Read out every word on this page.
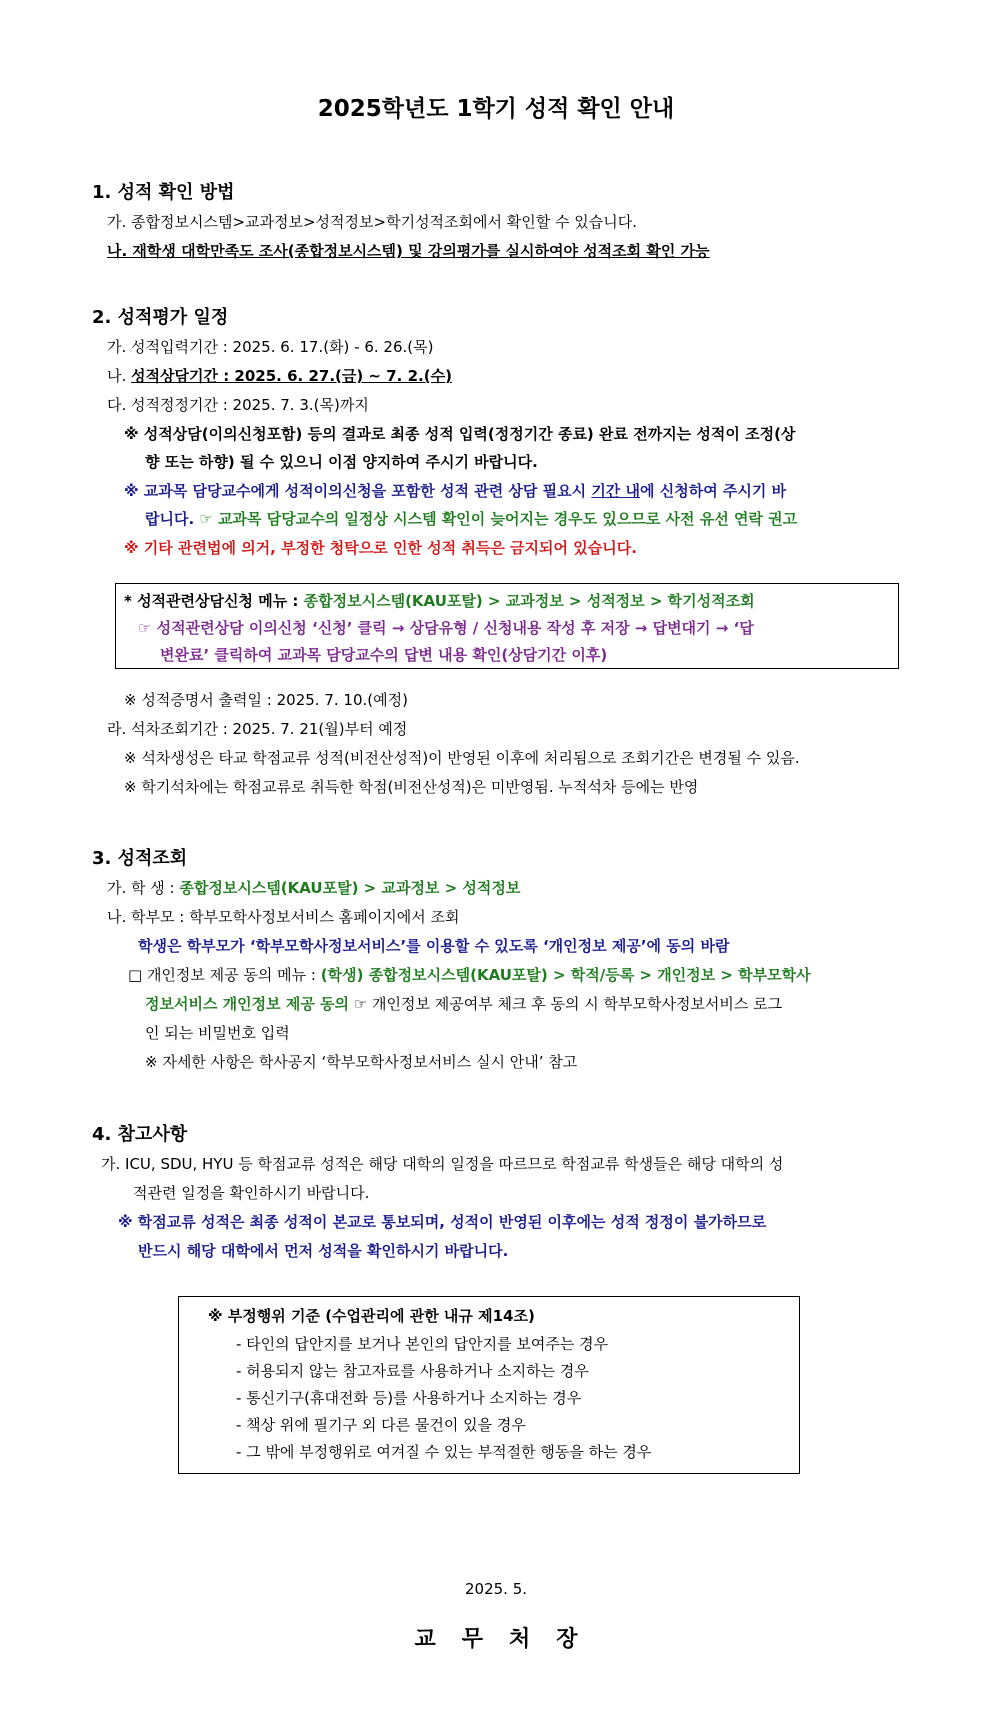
2025학년도 1학기 성적 확인 안내
1. 성적 확인 방법
가. 종합정보시스템>교과정보>성적정보>학기성적조회에서 확인할 수 있습니다.
나. 재학생 대학만족도 조사(종합정보시스템) 및 강의평가를 실시하여야 성적조회 확인 가능
2. 성적평가 일정
가. 성적입력기간 : 2025. 6. 17.(화) - 6. 26.(목)
나. 성적상담기간 : 2025. 6. 27.(금) ~ 7. 2.(수)
다. 성적정정기간 : 2025. 7. 3.(목)까지
※ 성적상담(이의신청포함) 등의 결과로 최종 성적 입력(정정기간 종료) 완료 전까지는 성적이 조정(상
향 또는 하향) 될 수 있으니 이점 양지하여 주시기 바랍니다.
※ 교과목 담당교수에게 성적이의신청을 포함한 성적 관련 상담 필요시 기간 내에 신청하여 주시기 바
랍니다. ☞ 교과목 담당교수의 일정상 시스템 확인이 늦어지는 경우도 있으므로 사전 유선 연락 권고
※ 기타 관련법에 의거, 부정한 청탁으로 인한 성적 취득은 금지되어 있습니다.
* 성적관련상담신청 메뉴 : 종합정보시스템(KAU포탈) > 교과정보 > 성적정보 > 학기성적조회
☞ 성적관련상담 이의신청 ‘신청’ 클릭 → 상담유형 / 신청내용 작성 후 저장 → 답변대기 → ‘답
변완료’ 클릭하여 교과목 담당교수의 답변 내용 확인(상담기간 이후)
※ 성적증명서 출력일 : 2025. 7. 10.(예정)
라. 석차조회기간 : 2025. 7. 21(월)부터 예정
※ 석차생성은 타교 학점교류 성적(비전산성적)이 반영된 이후에 처리됨으로 조회기간은 변경될 수 있음.
※ 학기석차에는 학점교류로 취득한 학점(비전산성적)은 미반영됨. 누적석차 등에는 반영
3. 성적조회
가. 학 생 : 종합정보시스템(KAU포탈) > 교과정보 > 성적정보
나. 학부모 : 학부모학사정보서비스 홈페이지에서 조회
학생은 학부모가 ‘학부모학사정보서비스’를 이용할 수 있도록 ‘개인정보 제공’에 동의 바람
□ 개인정보 제공 동의 메뉴 : (학생) 종합정보시스템(KAU포탈) > 학적/등록 > 개인정보 > 학부모학사
정보서비스 개인정보 제공 동의 ☞ 개인정보 제공여부 체크 후 동의 시 학부모학사정보서비스 로그
인 되는 비밀번호 입력
※ 자세한 사항은 학사공지 ‘학부모학사정보서비스 실시 안내’ 참고
4. 참고사항
가. ICU, SDU, HYU 등 학점교류 성적은 해당 대학의 일정을 따르므로 학점교류 학생들은 해당 대학의 성
적관련 일정을 확인하시기 바랍니다.
※ 학점교류 성적은 최종 성적이 본교로 통보되며, 성적이 반영된 이후에는 성적 정정이 불가하므로
반드시 해당 대학에서 먼저 성적을 확인하시기 바랍니다.
※ 부정행위 기준 (수업관리에 관한 내규 제14조)
- 타인의 답안지를 보거나 본인의 답안지를 보여주는 경우
- 허용되지 않는 참고자료를 사용하거나 소지하는 경우
- 통신기구(휴대전화 등)를 사용하거나 소지하는 경우
- 책상 위에 필기구 외 다른 물건이 있을 경우
- 그 밖에 부정행위로 여겨질 수 있는 부적절한 행동을 하는 경우
2025. 5.
교무처장
